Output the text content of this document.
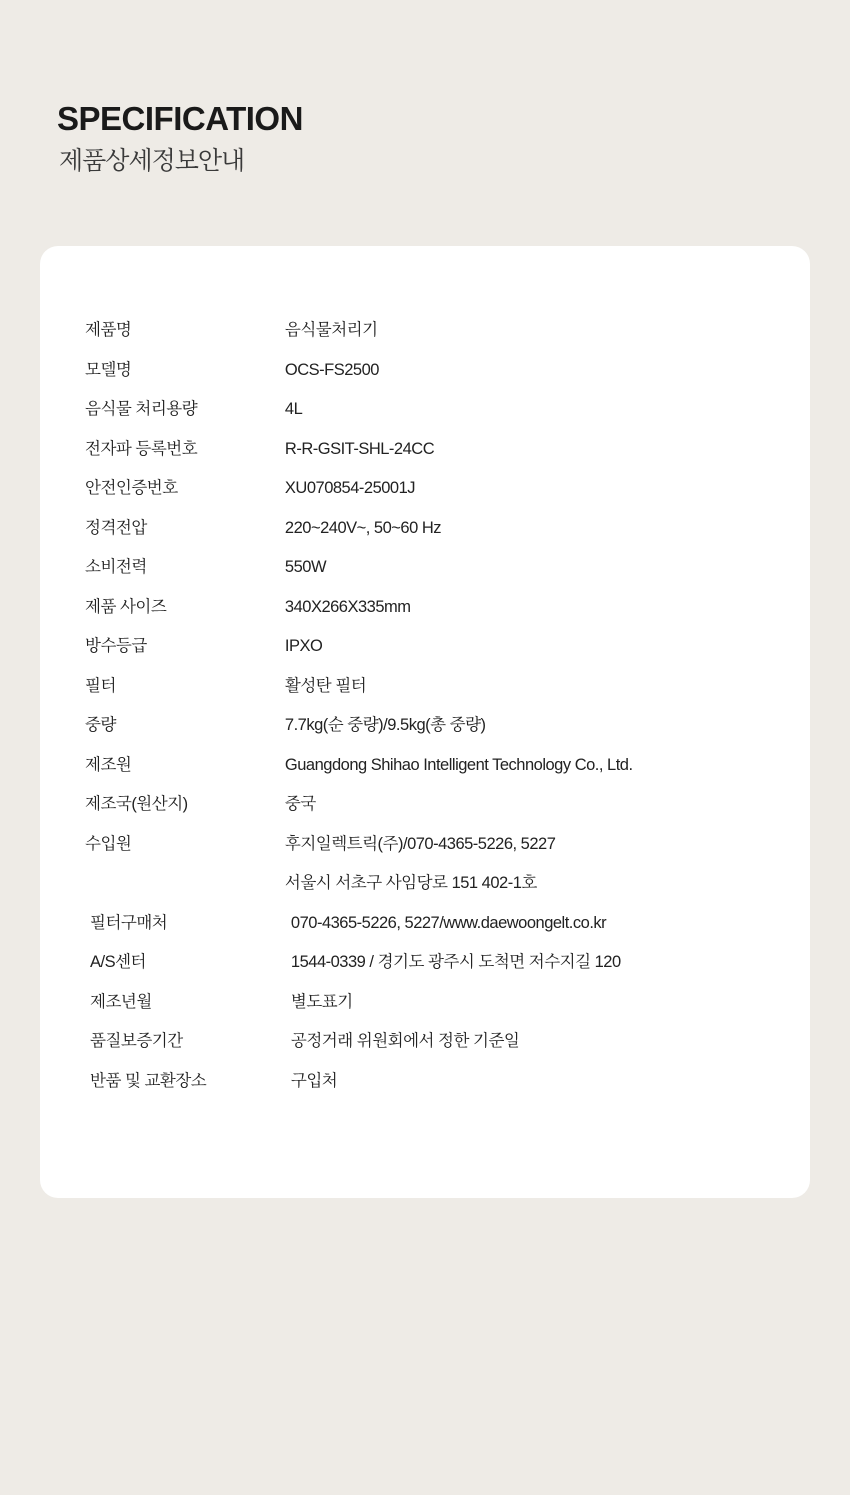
SPECIFICATION
제품상세정보안내
제품명	음식물처리기
모델명	OCS-FS2500
음식물 처리용량	4L
전자파 등록번호	R-R-GSIT-SHL-24CC
안전인증번호	XU070854-25001J
정격전압	220~240V~, 50~60 Hz
소비전력	550W
제품 사이즈	340X266X335mm
방수등급	IPXO
필터	활성탄 필터
중량	7.7kg(순 중량)/9.5kg(총 중량)
제조원	Guangdong Shihao Intelligent Technology Co., Ltd.
제조국(원산지)	중국
수입원	후지일렉트릭(주)/070-4365-5226, 5227
	서울시 서초구 사임당로 151 402-1호

필터구매처	070-4365-5226, 5227/www.daewoongelt.co.kr
A/S센터	1544-0339 / 경기도 광주시 도척면 저수지길 120
제조년월	별도표기
품질보증기간	공정거래 위원회에서 정한 기준일
반품 및 교환장소	구입처
